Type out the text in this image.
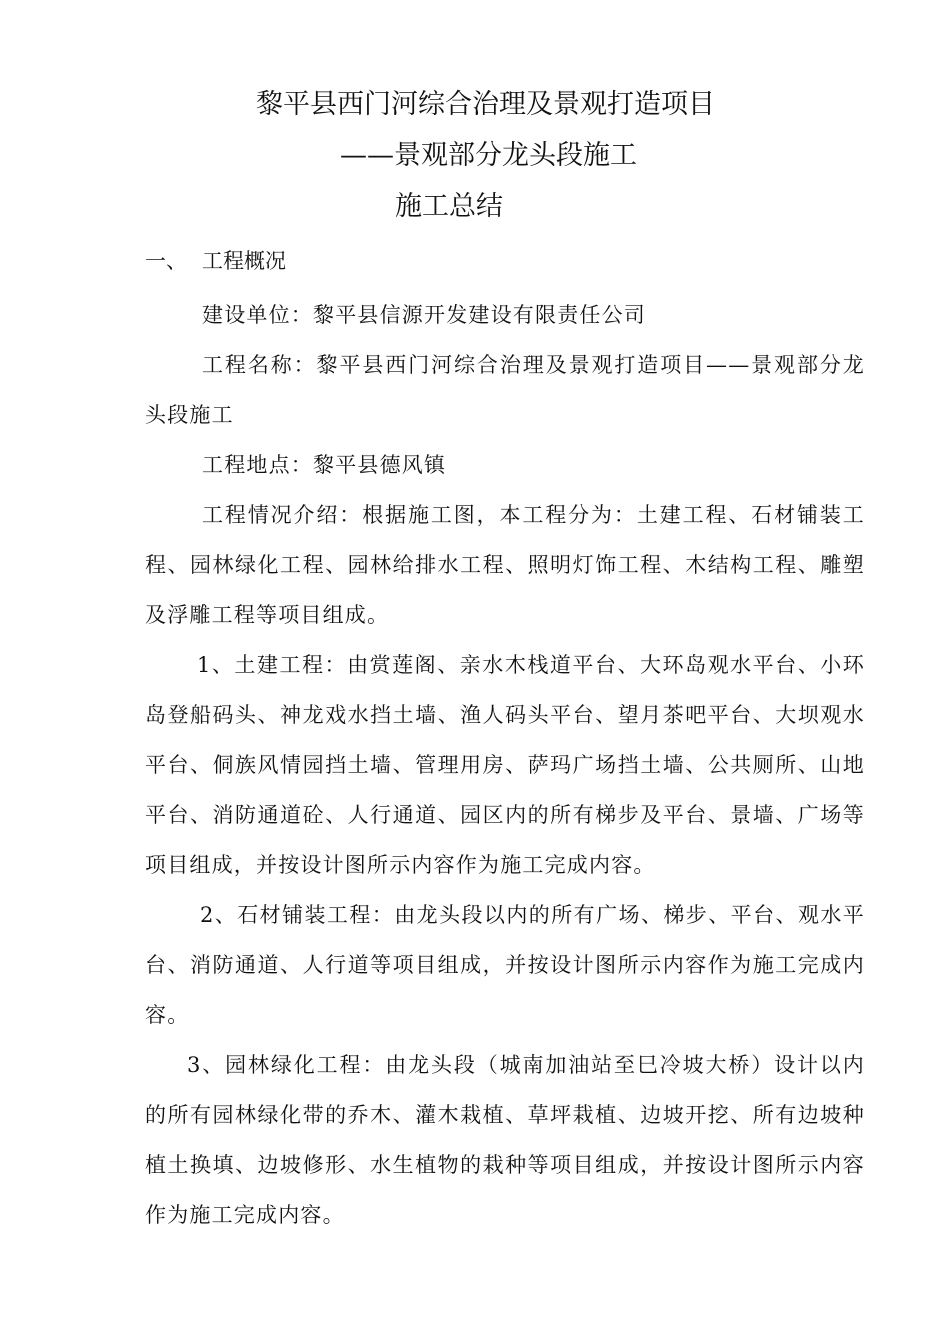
黎平县西门河综合治理及景观打造项目
——景观部分龙头段施工
施工总结
一、 工程概况
建设单位：黎平县信源开发建设有限责任公司
工程名称：黎平县西门河综合治理及景观打造项目——景观部分龙头段施工
工程地点：黎平县德风镇
工程情况介绍：根据施工图，本工程分为：土建工程、石材铺装工程、园林绿化工程、园林给排水工程、照明灯饰工程、木结构工程、雕塑及浮雕工程等项目组成。
1、土建工程：由赏莲阁、亲水木栈道平台、大环岛观水平台、小环岛登船码头、神龙戏水挡土墙、渔人码头平台、望月茶吧平台、大坝观水平台、侗族风情园挡土墙、管理用房、萨玛广场挡土墙、公共厕所、山地平台、消防通道砼、人行通道、园区内的所有梯步及平台、景墙、广场等项目组成，并按设计图所示内容作为施工完成内容。
2、石材铺装工程：由龙头段以内的所有广场、梯步、平台、观水平台、消防通道、人行道等项目组成，并按设计图所示内容作为施工完成内容。
3、园林绿化工程：由龙头段（城南加油站至巳冷坡大桥）设计以内的所有园林绿化带的乔木、灌木栽植、草坪栽植、边坡开挖、所有边坡种植土换填、边坡修形、水生植物的栽种等项目组成，并按设计图所示内容作为施工完成内容。
